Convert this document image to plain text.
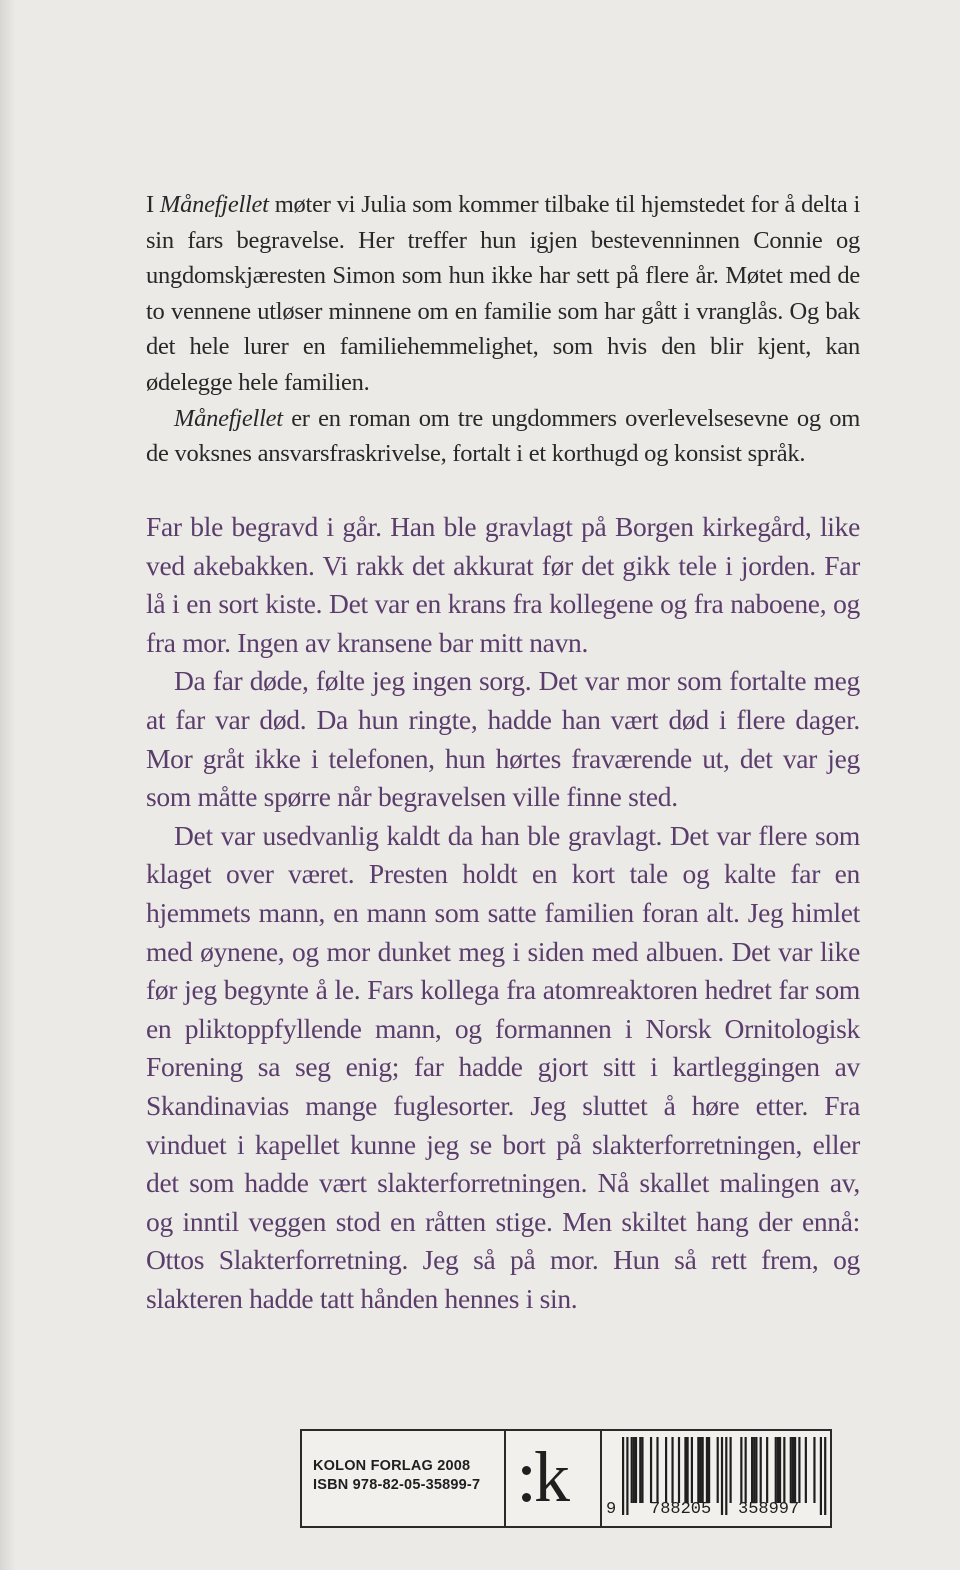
I Månefjellet møter vi Julia som kommer tilbake til hjemstedet for å delta i sin fars begravelse. Her treffer hun igjen bestevenninnen Connie og ungdomskjæresten Simon som hun ikke har sett på flere år. Møtet med de to vennene utløser minnene om en familie som har gått i vranglås. Og bak det hele lurer en familiehemmelighet, som hvis den blir kjent, kan ødelegge hele familien.

Månefjellet er en roman om tre ungdommers overlevelsesevne og om de voksnes ansvarsfraskrivelse, fortalt i et korthugd og konsist språk.

Far ble begravd i går. Han ble gravlagt på Borgen kirkegård, like ved akebakken. Vi rakk det akkurat før det gikk tele i jorden. Far lå i en sort kiste. Det var en krans fra kollegene og fra naboene, og fra mor. Ingen av kransene bar mitt navn.

Da far døde, følte jeg ingen sorg. Det var mor som fortalte meg at far var død. Da hun ringte, hadde han vært død i flere dager. Mor gråt ikke i telefonen, hun hørtes fraværende ut, det var jeg som måtte spørre når begravelsen ville finne sted.

Det var usedvanlig kaldt da han ble gravlagt. Det var flere som klaget over været. Presten holdt en kort tale og kalte far en hjemmets mann, en mann som satte familien foran alt. Jeg himlet med øynene, og mor dunket meg i siden med albuen. Det var like før jeg begynte å le. Fars kollega fra atomreaktoren hedret far som en pliktoppfyllende mann, og formannen i Norsk Ornitologisk Forening sa seg enig; far hadde gjort sitt i kartleggingen av Skandinavias mange fuglesorter. Jeg sluttet å høre etter. Fra vinduet i kapellet kunne jeg se bort på slakterforretningen, eller det som hadde vært slakterforretningen. Nå skallet malingen av, og inntil veggen stod en råtten stige. Men skiltet hang der ennå: Ottos Slakterforretning. Jeg så på mor. Hun så rett frem, og slakteren hadde tatt hånden hennes i sin.

KOLON FORLAG 2008
ISBN 978-82-05-35899-7 k 9 788205 358997
